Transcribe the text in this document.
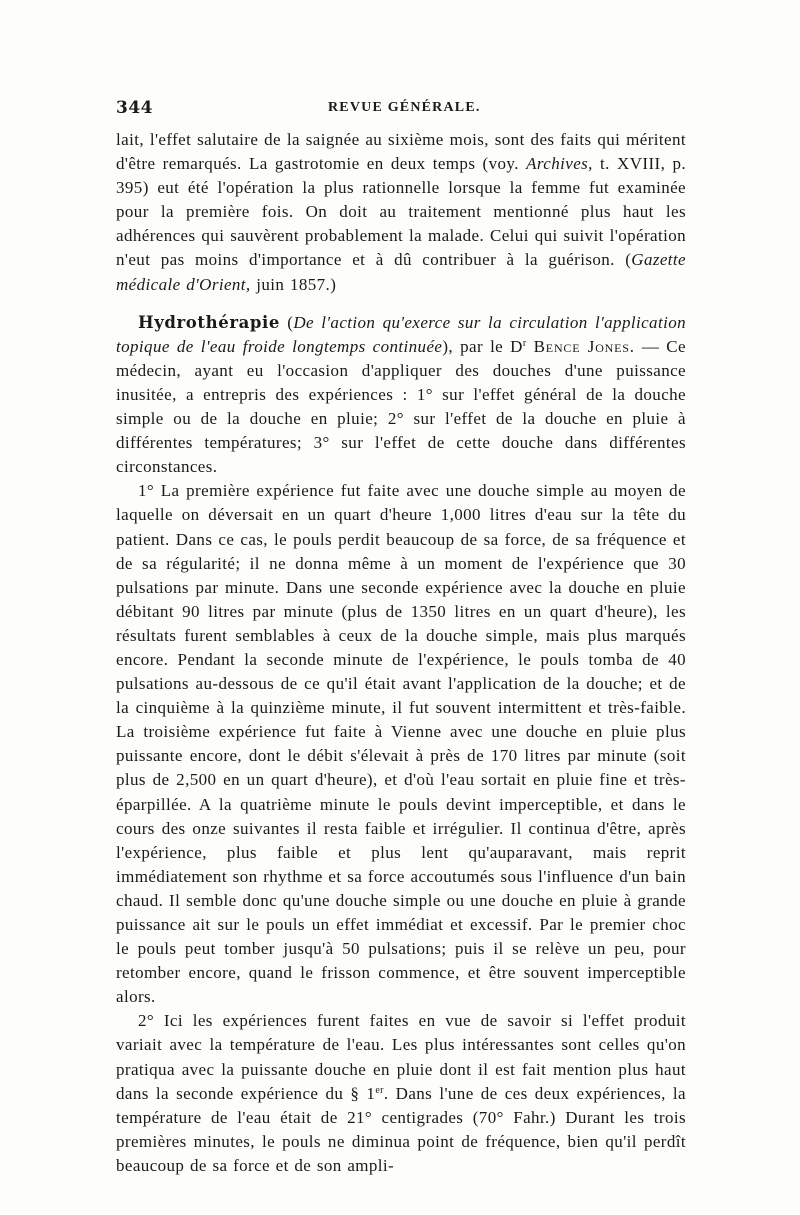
344	REVUE GÉNÉRALE.

lait, l'effet salutaire de la saignée au sixième mois, sont des faits qui méritent d'être remarqués. La gastrotomie en deux temps (voy. Archives, t. XVIII, p. 395) eut été l'opération la plus rationnelle lorsque la femme fut examinée pour la première fois. On doit au traitement mentionné plus haut les adhérences qui sauvèrent probablement la malade. Celui qui suivit l'opération n'eut pas moins d'importance et à dû contribuer à la guérison. (Gazette médicale d'Orient, juin 1857.)

Hydrothérapie (De l'action qu'exerce sur la circulation l'application topique de l'eau froide longtemps continuée), par le $D^r$ Bence Jones. — Ce médecin, ayant eu l'occasion d'appliquer des douches d'une puissance inusitée, a entrepris des expériences : 1° sur l'effet général de la douche simple ou de la douche en pluie; 2° sur l'effet de la douche en pluie à différentes températures; 3° sur l'effet de cette douche dans différentes circonstances.

1° La première expérience fut faite avec une douche simple au moyen de laquelle on déversait en un quart d'heure 1,000 litres d'eau sur la tête du patient. Dans ce cas, le pouls perdit beaucoup de sa force, de sa fréquence et de sa régularité; il ne donna même à un moment de l'expérience que 30 pulsations par minute. Dans une seconde expérience avec la douche en pluie débitant 90 litres par minute (plus de 1350 litres en un quart d'heure), les résultats furent semblables à ceux de la douche simple, mais plus marqués encore. Pendant la seconde minute de l'expérience, le pouls tomba de 40 pulsations au-dessous de ce qu'il était avant l'application de la douche; et de la cinquième à la quinzième minute, il fut souvent intermittent et très-faible. La troisième expérience fut faite à Vienne avec une douche en pluie plus puissante encore, dont le débit s'élevait à près de 170 litres par minute (soit plus de 2,500 en un quart d'heure), et d'où l'eau sortait en pluie fine et très-éparpillée. A la quatrième minute le pouls devint imperceptible, et dans le cours des onze suivantes il resta faible et irrégulier. Il continua d'être, après l'expérience, plus faible et plus lent qu'auparavant, mais reprit immédiatement son rhythme et sa force accoutumés sous l'influence d'un bain chaud. Il semble donc qu'une douche simple ou une douche en pluie à grande puissance ait sur le pouls un effet immédiat et excessif. Par le premier choc le pouls peut tomber jusqu'à 50 pulsations; puis il se relève un peu, pour retomber encore, quand le frisson commence, et être souvent imperceptible alors.

2° Ici les expériences furent faites en vue de savoir si l'effet produit variait avec la température de l'eau. Les plus intéressantes sont celles qu'on pratiqua avec la puissante douche en pluie dont il est fait mention plus haut dans la seconde expérience du § 1er. Dans l'une de ces deux expériences, la température de l'eau était de 21° centigrades (70° Fahr.) Durant les trois premières minutes, le pouls ne diminua point de fréquence, bien qu'il perdît beaucoup de sa force et de son ampli-
